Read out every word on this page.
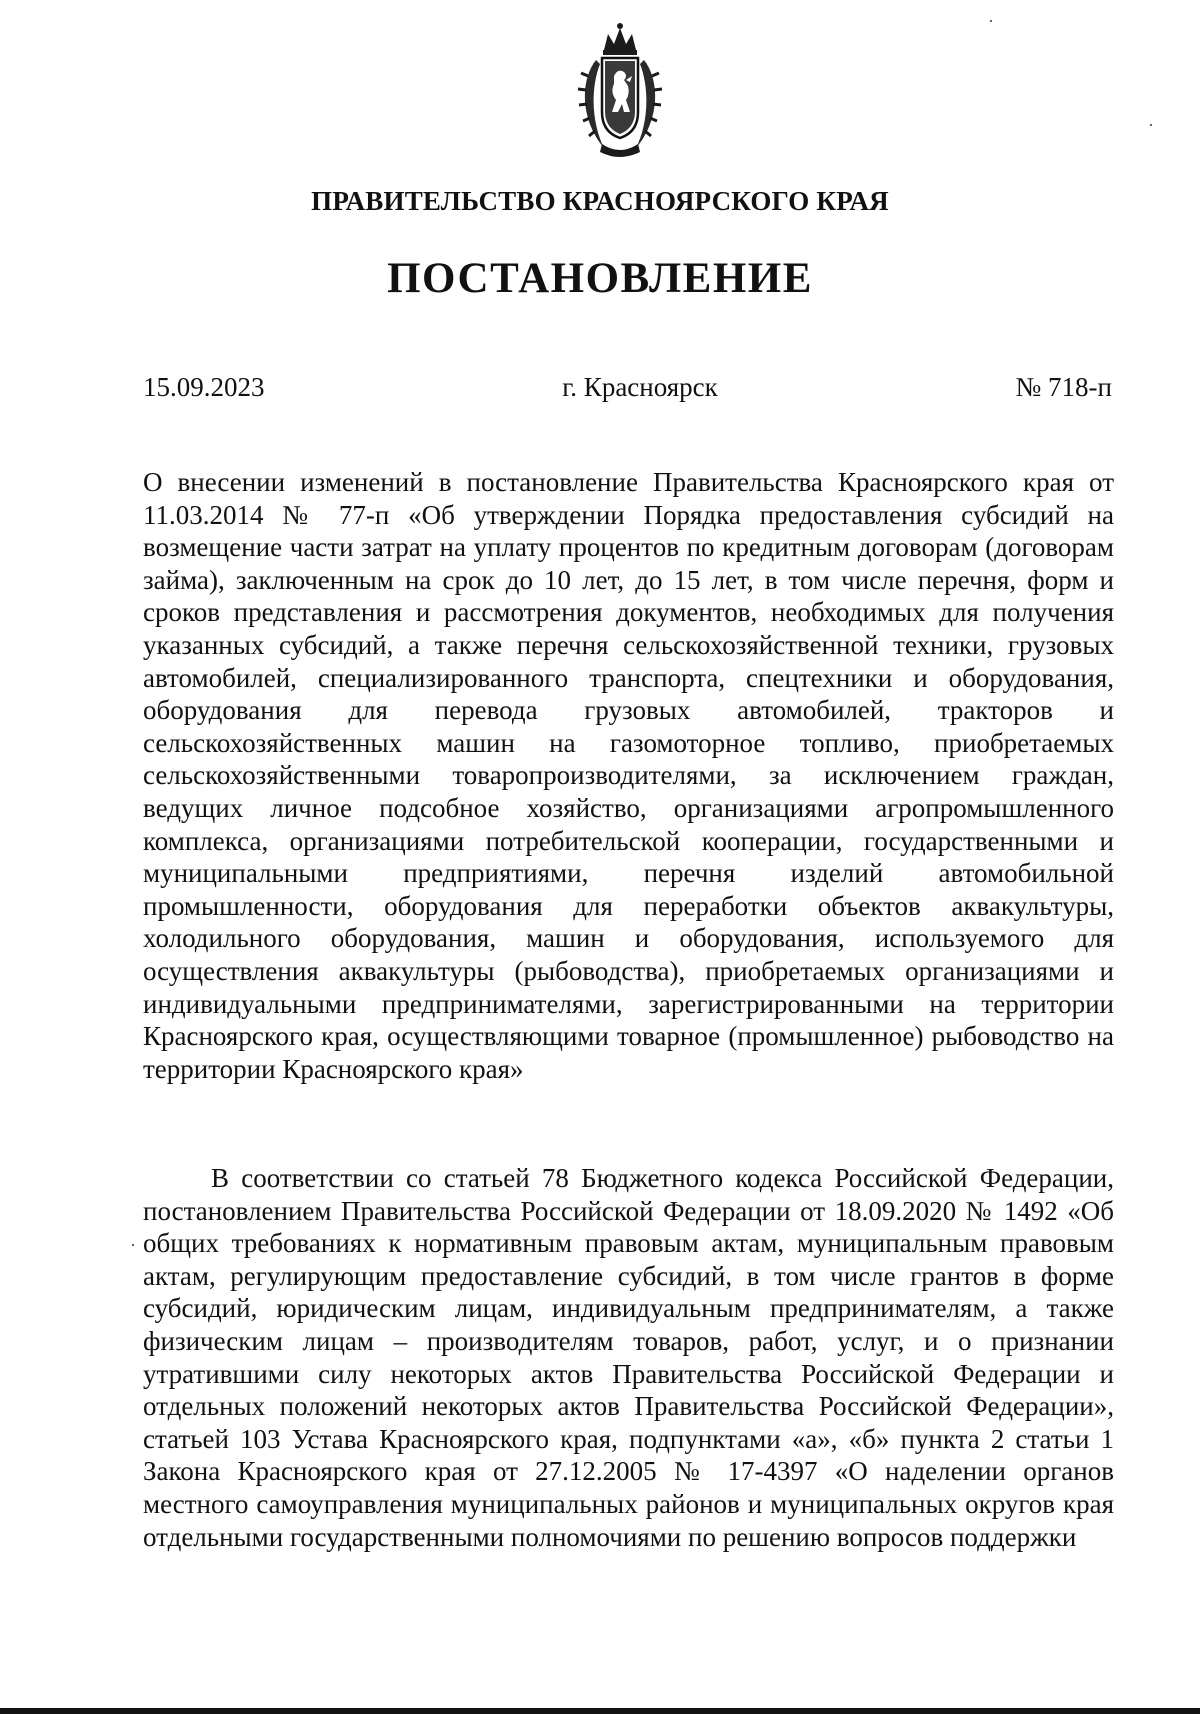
ПРАВИТЕЛЬСТВО КРАСНОЯРСКОГО КРАЯ
ПОСТАНОВЛЕНИЕ
15.09.2023	г. Красноярск	№ 718-п
О внесении изменений в постановление Правительства Красноярского края от 11.03.2014 № 77-п «Об утверждении Порядка предоставления субсидий на возмещение части затрат на уплату процентов по кредитным договорам (договорам займа), заключенным на срок до 10 лет, до 15 лет, в том числе перечня, форм и сроков представления и рассмотрения документов, необходимых для получения указанных субсидий, а также перечня сельскохозяйственной техники, грузовых автомобилей, специализированного транспорта, спецтехники и оборудования, оборудования для перевода грузовых автомобилей, тракторов и сельскохозяйственных машин на газомоторное топливо, приобретаемых сельскохозяйственными товаропроизводителями, за исключением граждан, ведущих личное подсобное хозяйство, организациями агропромышленного комплекса, организациями потребительской кооперации, государственными и муниципальными предприятиями, перечня изделий автомобильной промышленности, оборудования для переработки объектов аквакультуры, холодильного оборудования, машин и оборудования, используемого для осуществления аквакультуры (рыбоводства), приобретаемых организациями и индивидуальными предпринимателями, зарегистрированными на территории Красноярского края, осуществляющими товарное (промышленное) рыбоводство на территории Красноярского края»
В соответствии со статьей 78 Бюджетного кодекса Российской Федерации, постановлением Правительства Российской Федерации от 18.09.2020 № 1492 «Об общих требованиях к нормативным правовым актам, муниципальным правовым актам, регулирующим предоставление субсидий, в том числе грантов в форме субсидий, юридическим лицам, индивидуальным предпринимателям, а также физическим лицам – производителям товаров, работ, услуг, и о признании утратившими силу некоторых актов Правительства Российской Федерации и отдельных положений некоторых актов Правительства Российской Федерации», статьей 103 Устава Красноярского края, подпунктами «а», «б» пункта 2 статьи 1 Закона Красноярского края от 27.12.2005 № 17-4397 «О наделении органов местного самоуправления муниципальных районов и муниципальных округов края отдельными государственными полномочиями по решению вопросов поддержки
